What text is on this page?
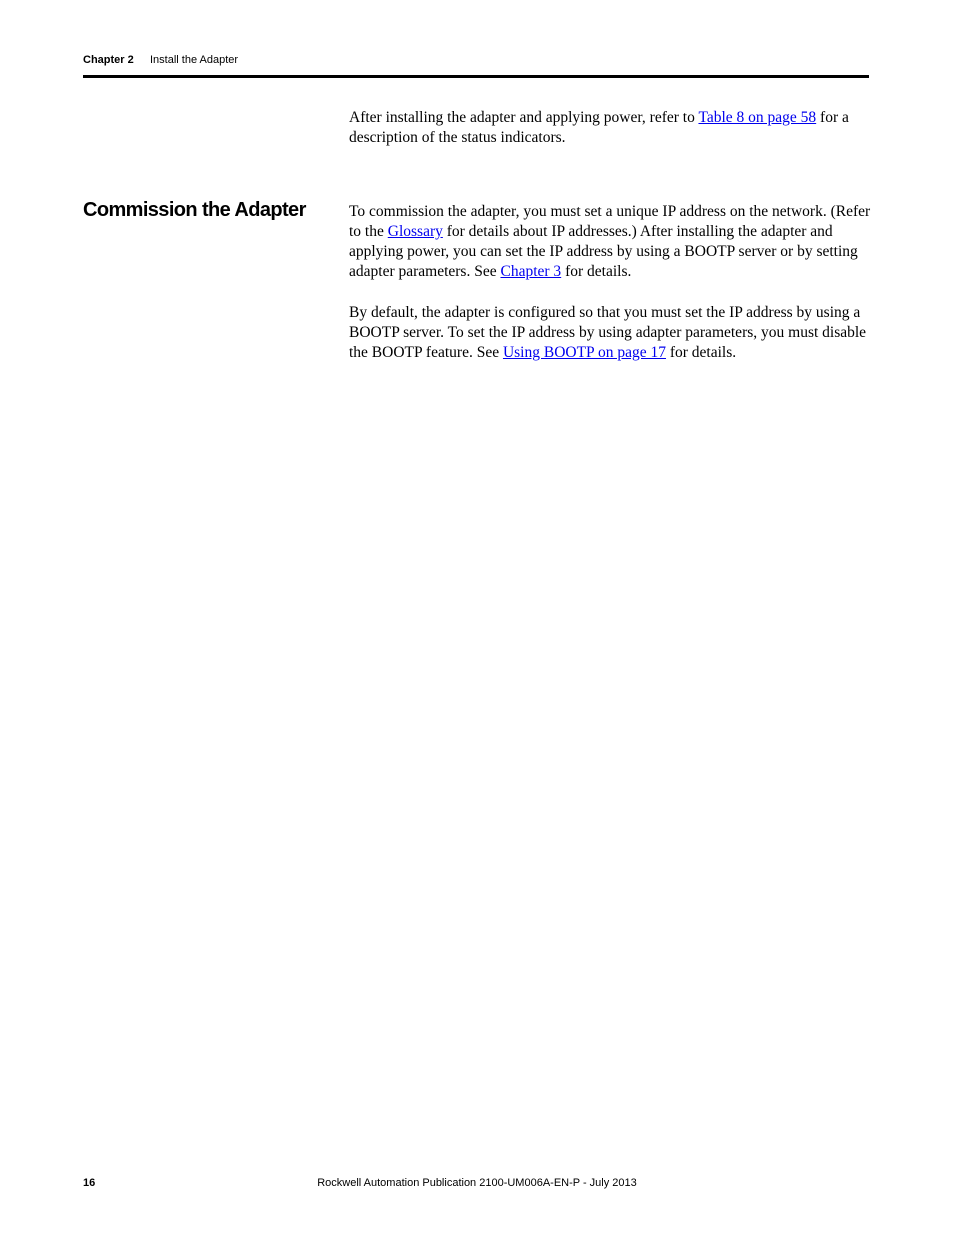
Chapter 2 Install the Adapter

After installing the adapter and applying power, refer to Table 8 on page 58 for a description of the status indicators.

Commission the Adapter	To commission the adapter, you must set a unique IP address on the network. (Refer to the Glossary for details about IP addresses.) After installing the adapter and applying power, you can set the IP address by using a BOOTP server or by setting adapter parameters. See Chapter 3 for details.

By default, the adapter is configured so that you must set the IP address by using a BOOTP server. To set the IP address by using adapter parameters, you must disable the BOOTP feature. See Using BOOTP on page 17 for details.

Rockwell Automation Publication 2100-UM006A-EN-P - July 2013
16
